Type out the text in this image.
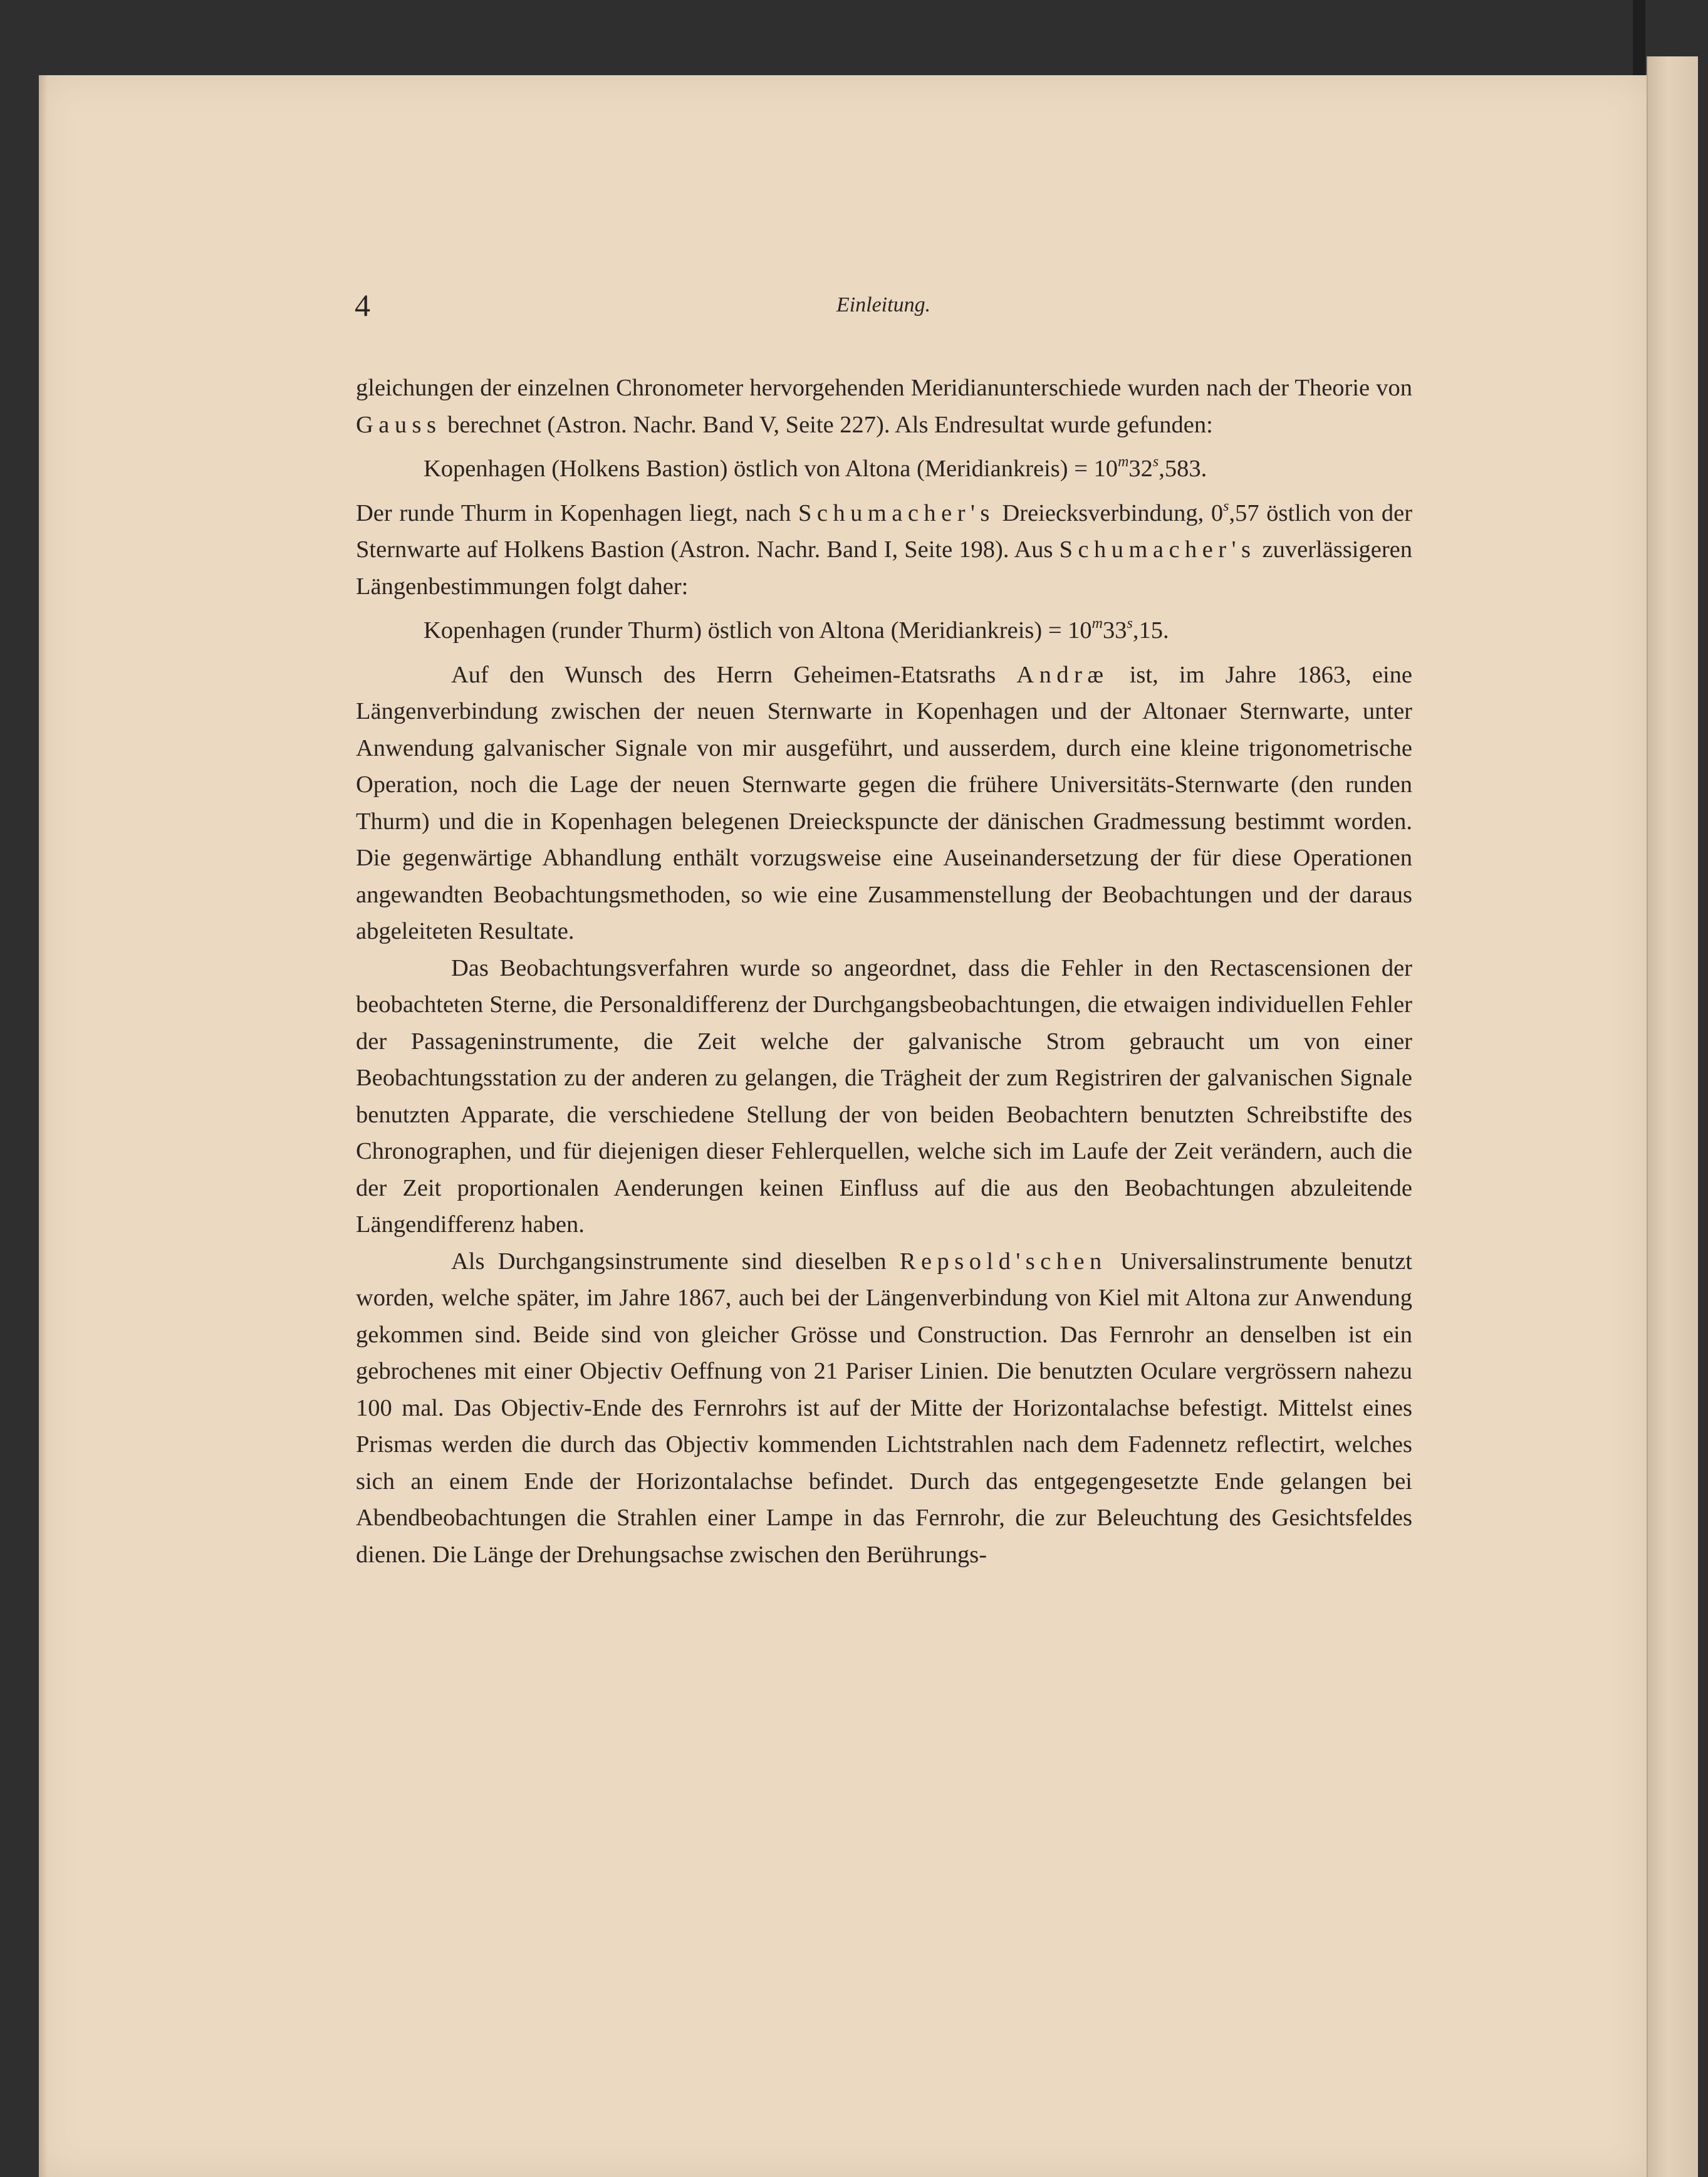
4	Einleitung.

gleichungen der einzelnen Chronometer hervorgehenden Meridianunterschiede wurden nach der Theorie von Gauss berechnet (Astron. Nachr. Band V, Seite 227). Als Endresultat wurde gefunden:

Kopenhagen (Holkens Bastion) östlich von Altona (Meridiankreis) = $10^m32^s,583$.

Der runde Thurm in Kopenhagen liegt, nach Schumacher's Dreiecksverbindung, 0$^s$,57 östlich von der Sternwarte auf Holkens Bastion (Astron. Nachr. Band I, Seite 198). Aus Schumacher's zuverlässigeren Längenbestimmungen folgt daher:

Kopenhagen (runder Thurm) östlich von Altona (Meridiankreis) = $10^m33^s,15$.

Auf den Wunsch des Herrn Geheimen-Etatsraths Andræ ist, im Jahre 1863, eine Längenverbindung zwischen der neuen Sternwarte in Kopenhagen und der Altonaer Sternwarte, unter Anwendung galvanischer Signale von mir ausgeführt, und ausserdem, durch eine kleine trigonometrische Operation, noch die Lage der neuen Sternwarte gegen die frühere Universitäts-Sternwarte (den runden Thurm) und die in Kopenhagen belegenen Dreieckspuncte der dänischen Gradmessung bestimmt worden. Die gegenwärtige Abhandlung enthält vorzugsweise eine Auseinandersetzung der für diese Operationen angewandten Beobachtungsmethoden, so wie eine Zusammenstellung der Beobachtungen und der daraus abgeleiteten Resultate.

Das Beobachtungsverfahren wurde so angeordnet, dass die Fehler in den Rectascensionen der beobachteten Sterne, die Personaldifferenz der Durchgangsbeobachtungen, die etwaigen individuellen Fehler der Passageninstrumente, die Zeit welche der galvanische Strom gebraucht um von einer Beobachtungsstation zu der anderen zu gelangen, die Trägheit der zum Registriren der galvanischen Signale benutzten Apparate, die verschiedene Stellung der von beiden Beobachtern benutzten Schreibstifte des Chronographen, und für diejenigen dieser Fehlerquellen, welche sich im Laufe der Zeit verändern, auch die der Zeit proportionalen Aenderungen keinen Einfluss auf die aus den Beobachtungen abzuleitende Längendifferenz haben.

Als Durchgangsinstrumente sind dieselben Repsold'schen Universalinstrumente benutzt worden, welche später, im Jahre 1867, auch bei der Längenverbindung von Kiel mit Altona zur Anwendung gekommen sind. Beide sind von gleicher Grösse und Construction. Das Fernrohr an denselben ist ein gebrochenes mit einer Objectiv Oeffnung von 21 Pariser Linien. Die benutzten Oculare vergrössern nahezu 100 mal. Das Objectiv-Ende des Fernrohrs ist auf der Mitte der Horizontalachse befestigt. Mittelst eines Prismas werden die durch das Objectiv kommenden Lichtstrahlen nach dem Fadennetz reflectirt, welches sich an einem Ende der Horizontalachse befindet. Durch das entgegengesetzte Ende gelangen bei Abendbeobachtungen die Strahlen einer Lampe in das Fernrohr, die zur Beleuchtung des Gesichtsfeldes dienen. Die Länge der Drehungsachse zwischen den Berührungs-
